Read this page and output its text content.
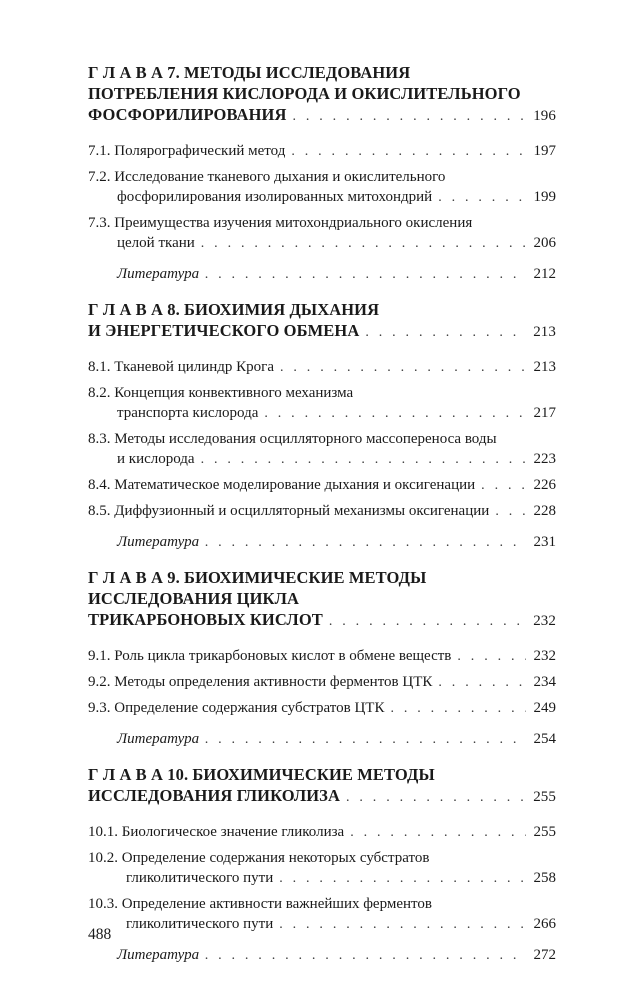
Г Л А В А 7. МЕТОДЫ ИССЛЕДОВАНИЯ
ПОТРЕБЛЕНИЯ КИСЛОРОДА И ОКИСЛИТЕЛЬНОГО
ФОСФОРИЛИРОВАНИЯ . . .	196
7.1. Полярографический метод . . .	197
7.2. Исследование тканевого дыхания и окислительного
фосфорилирования изолированных митохондрий . . .	199
7.3. Преимущества изучения митохондриального окисления
целой ткани . . .	206
Литература . . .	212
Г Л А В А 8. БИОХИМИЯ ДЫХАНИЯ
И ЭНЕРГЕТИЧЕСКОГО ОБМЕНА . . .	213
8.1. Тканевой цилиндр Крога . . .	213
8.2. Концепция конвективного механизма
транспорта кислорода . . .	217
8.3. Методы исследования осцилляторного массопереноса воды
и кислорода . . .	223
8.4. Математическое моделирование дыхания и оксигенации . . .	226
8.5. Диффузионный и осцилляторный механизмы оксигенации . . .	228
Литература . . .	231
Г Л А В А 9. БИОХИМИЧЕСКИЕ МЕТОДЫ
ИССЛЕДОВАНИЯ ЦИКЛА
ТРИКАРБОНОВЫХ КИСЛОТ . . .	232
9.1. Роль цикла трикарбоновых кислот в обмене веществ . . .	232
9.2. Методы определения активности ферментов ЦТК . . .	234
9.3. Определение содержания субстратов ЦТК . . .	249
Литература . . .	254
Г Л А В А 10. БИОХИМИЧЕСКИЕ МЕТОДЫ
ИССЛЕДОВАНИЯ ГЛИКОЛИЗА . . .	255
10.1. Биологическое значение гликолиза . . .	255
10.2. Определение содержания некоторых субстратов
гликолитического пути . . .	258
10.3. Определение активности важнейших ферментов
гликолитического пути . . .	266
Литература . . .	272
488
